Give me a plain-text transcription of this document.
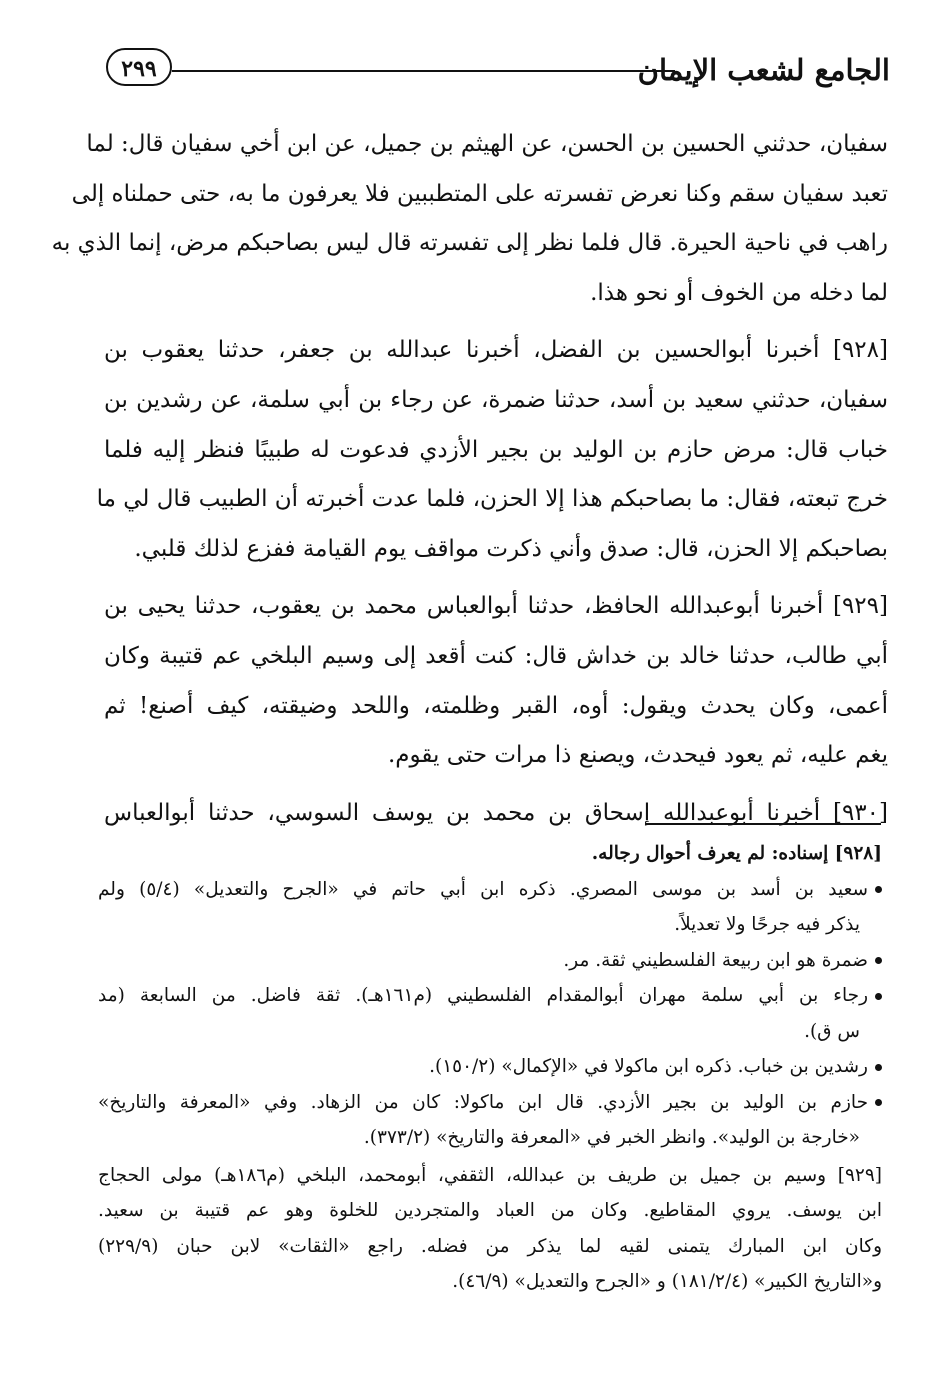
الجامع لشعب الإيمان
٢٩٩
سفيان، حدثني الحسين بن الحسن، عن الهيثم بن جميل، عن ابن أخي سفيان قال: لما
تعبد سفيان سقم وكنا نعرض تفسرته على المتطببين فلا يعرفون ما به، حتى حملناه إلى
راهب في ناحية الحيرة. قال فلما نظر إلى تفسرته قال ليس بصاحبكم مرض، إنما الذي به
لما دخله من الخوف أو نحو هذا.
[٩٢٨] أخبرنا أبوالحسين بن الفضل، أخبرنا عبدالله بن جعفر، حدثنا يعقوب بن
سفيان، حدثني سعيد بن أسد، حدثنا ضمرة، عن رجاء بن أبي سلمة، عن رشدين بن
خباب قال: مرض حازم بن الوليد بن بجير الأزدي فدعوت له طبيبًا فنظر إليه فلما
خرج تبعته، فقال: ما بصاحبكم هذا إلا الحزن، فلما عدت أخبرته أن الطبيب قال لي ما
بصاحبكم إلا الحزن، قال: صدق وأني ذكرت مواقف يوم القيامة ففزع لذلك قلبي.
[٩٢٩] أخبرنا أبوعبدالله الحافظ، حدثنا أبوالعباس محمد بن يعقوب، حدثنا يحيى بن
أبي طالب، حدثنا خالد بن خداش قال: كنت أقعد إلى وسيم البلخي عم قتيبة وكان
أعمى، وكان يحدث ويقول: أوه، القبر وظلمته، واللحد وضيقته، كيف أصنع! ثم
يغم عليه، ثم يعود فيحدث، ويصنع ذا مرات حتى يقوم.
[٩٣٠] أخبرنا أبوعبدالله إسحاق بن محمد بن يوسف السوسي، حدثنا أبوالعباس
[٩٢٨] إسناده: لم يعرف أحوال رجاله.
سعيد بن أسد بن موسى المصري. ذكره ابن أبي حاتم في «الجرح والتعديل» (٥/٤) ولم
يذكر فيه جرحًا ولا تعديلاً.
ضمرة هو ابن ربيعة الفلسطيني ثقة. مر.
رجاء بن أبي سلمة مهران أبوالمقدام الفلسطيني (م١٦١هـ). ثقة فاضل. من السابعة (مد
س ق).
رشدين بن خباب. ذكره ابن ماكولا في «الإكمال» (١٥٠/٢).
حازم بن الوليد بن بجير الأزدي. قال ابن ماكولا: كان من الزهاد. وفي «المعرفة والتاريخ»
«خارجة بن الوليد». وانظر الخبر في «المعرفة والتاريخ» (٣٧٣/٢).
[٩٢٩] وسيم بن جميل بن طريف بن عبدالله، الثقفي، أبومحمد، البلخي (م١٨٦هـ) مولى الحجاج
ابن يوسف. يروي المقاطيع. وكان من العباد والمتجردين للخلوة وهو عم قتيبة بن سعيد.
وكان ابن المبارك يتمنى لقيه لما يذكر من فضله. راجع «الثقات» لابن حبان (٢٢٩/٩)
و«التاريخ الكبير» (١٨١/٢/٤) و «الجرح والتعديل» (٤٦/٩).
